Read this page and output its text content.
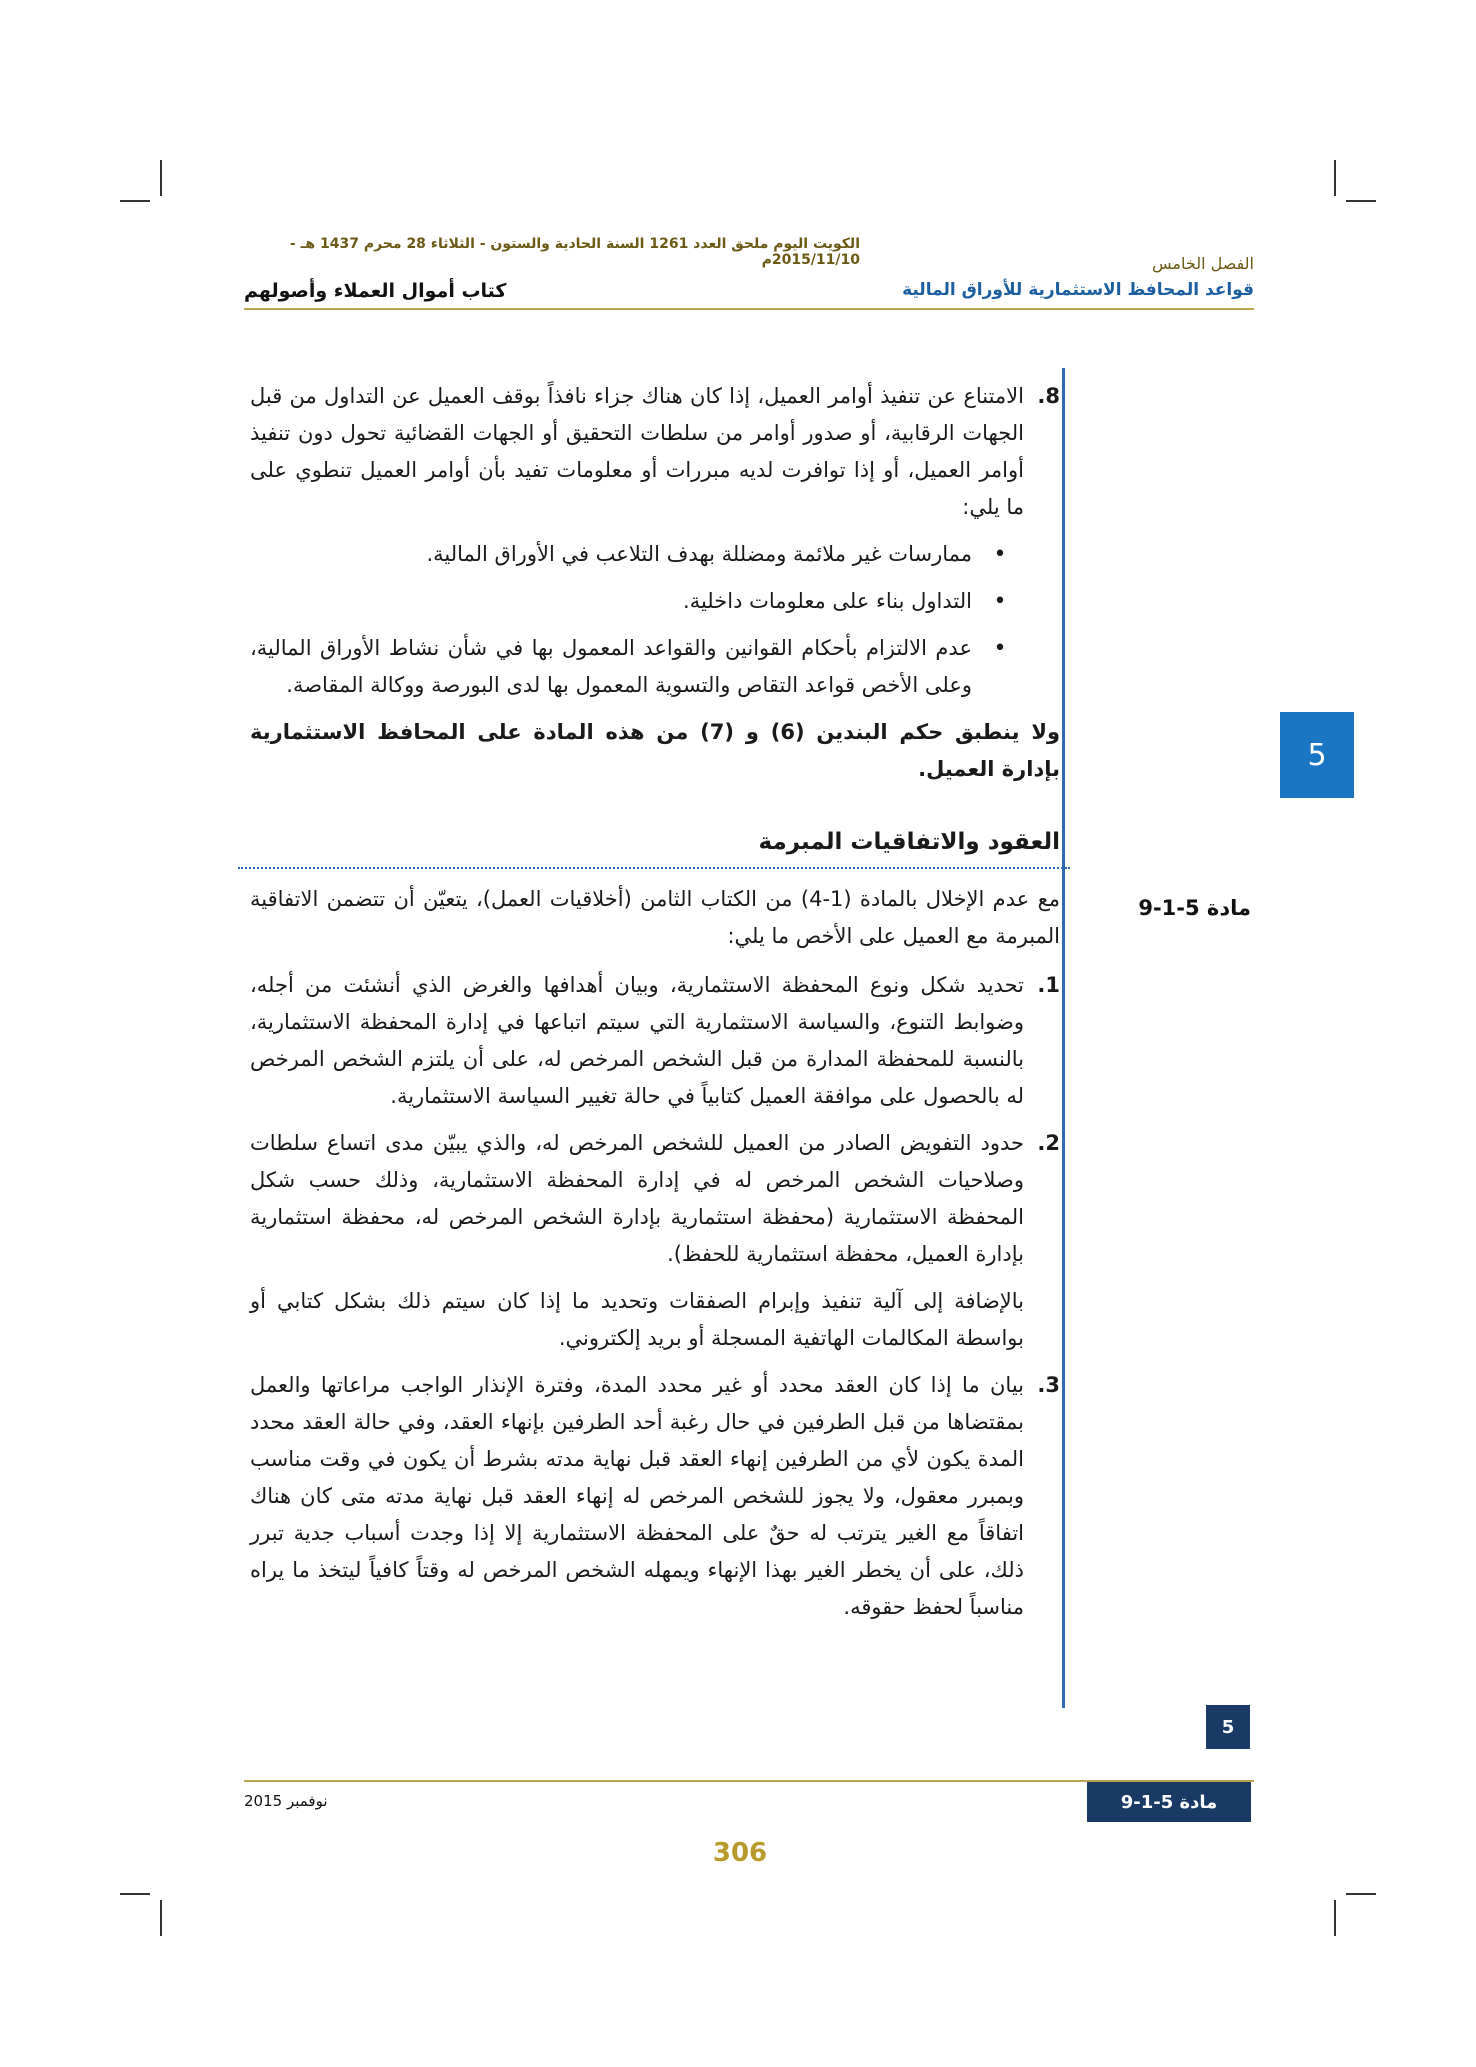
الكويت اليوم ملحق العدد 1261 السنة الحادية والستون - الثلاثاء 28 محرم 1437 هـ - 2015/11/10م	الفصل الخامس
قواعد المحافظ الاستثمارية للأوراق المالية
كتاب أموال العملاء وأصولهم
5
مادة 5-1-9
8.
الامتناع عن تنفيذ أوامر العميل، إذا كان هناك جزاء نافذاً بوقف العميل عن التداول من قبل الجهات الرقابية، أو صدور أوامر من سلطات التحقيق أو الجهات القضائية تحول دون تنفيذ أوامر العميل، أو إذا توافرت لديه مبررات أو معلومات تفيد بأن أوامر العميل تنطوي على ما يلي:
•
ممارسات غير ملائمة ومضللة بهدف التلاعب في الأوراق المالية.
•
التداول بناء على معلومات داخلية.
•
عدم الالتزام بأحكام القوانين والقواعد المعمول بها في شأن نشاط الأوراق المالية، وعلى الأخص قواعد التقاص والتسوية المعمول بها لدى البورصة ووكالة المقاصة.

ولا ينطبق حكم البندين (6) و (7) من هذه المادة على المحافظ الاستثمارية بإدارة العميل.

العقود والاتفاقيات المبرمة

مع عدم الإخلال بالمادة (1-4) من الكتاب الثامن (أخلاقيات العمل)، يتعيّن أن تتضمن الاتفاقية المبرمة مع العميل على الأخص ما يلي:

1.
تحديد شكل ونوع المحفظة الاستثمارية، وبيان أهدافها والغرض الذي أنشئت من أجله، وضوابط التنوع، والسياسة الاستثمارية التي سيتم اتباعها في إدارة المحفظة الاستثمارية، بالنسبة للمحفظة المدارة من قبل الشخص المرخص له، على أن يلتزم الشخص المرخص له بالحصول على موافقة العميل كتابياً في حالة تغيير السياسة الاستثمارية.
2.
حدود التفويض الصادر من العميل للشخص المرخص له، والذي يبيّن مدى اتساع سلطات وصلاحيات الشخص المرخص له في إدارة المحفظة الاستثمارية، وذلك حسب شكل المحفظة الاستثمارية (محفظة استثمارية بإدارة الشخص المرخص له، محفظة استثمارية بإدارة العميل، محفظة استثمارية للحفظ).
بالإضافة إلى آلية تنفيذ وإبرام الصفقات وتحديد ما إذا كان سيتم ذلك بشكل كتابي أو بواسطة المكالمات الهاتفية المسجلة أو بريد إلكتروني.
3.
بيان ما إذا كان العقد محدد أو غير محدد المدة، وفترة الإنذار الواجب مراعاتها والعمل بمقتضاها من قبل الطرفين في حال رغبة أحد الطرفين بإنهاء العقد، وفي حالة العقد محدد المدة يكون لأي من الطرفين إنهاء العقد قبل نهاية مدته بشرط أن يكون في وقت مناسب وبمبرر معقول، ولا يجوز للشخص المرخص له إنهاء العقد قبل نهاية مدته متى كان هناك اتفاقاً مع الغير يترتب له حقٌ على المحفظة الاستثمارية إلا إذا وجدت أسباب جدية تبرر ذلك، على أن يخطر الغير بهذا الإنهاء ويمهله الشخص المرخص له وقتاً كافياً ليتخذ ما يراه مناسباً لحفظ حقوقه.
5
مادة 5-1-9
نوفمبر 2015
306
